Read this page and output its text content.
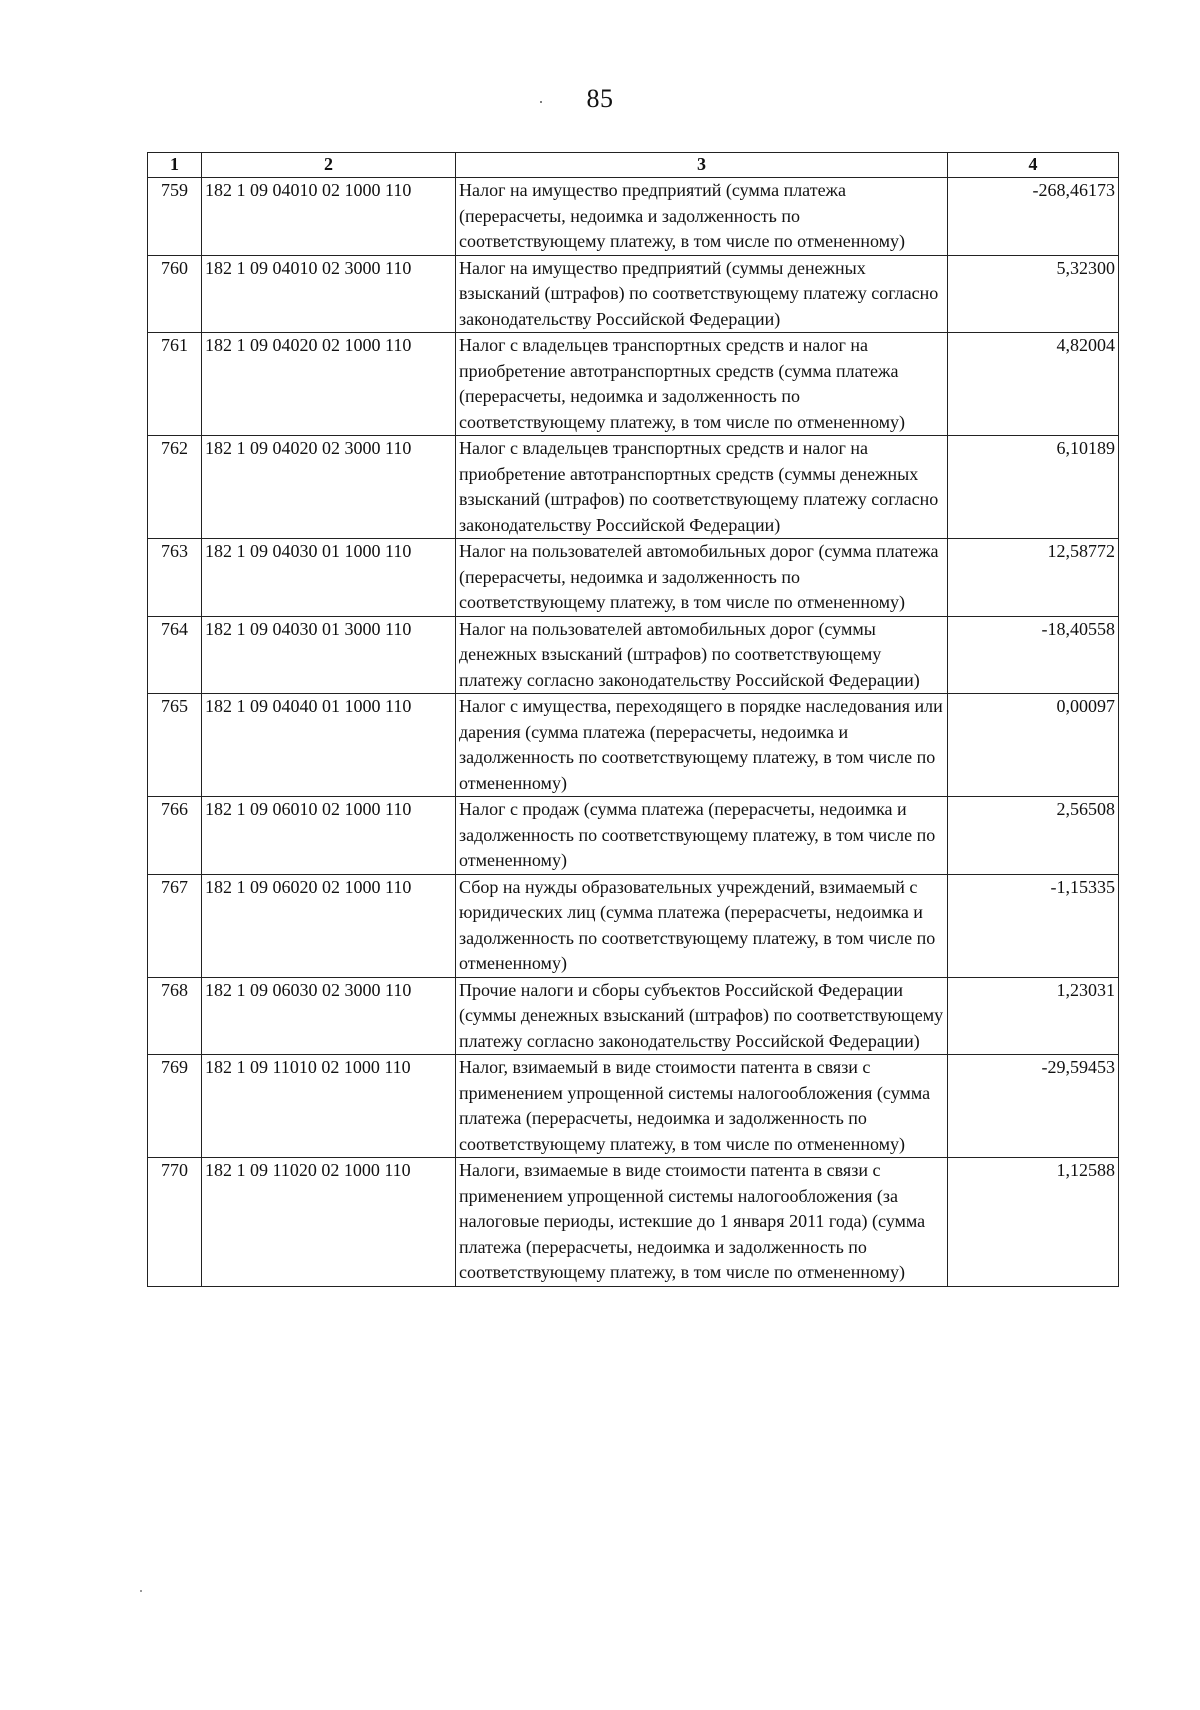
85
1	2	3	4
759	182 1 09 04010 02 1000 110	Налог на имущество предприятий (сумма платежа (перерасчеты, недоимка и задолженность по соответствующему платежу, в том числе по отмененному)	-268,46173
760	182 1 09 04010 02 3000 110	Налог на имущество предприятий (суммы денежных взысканий (штрафов) по соответствующему платежу согласно законодательству Российской Федерации)	5,32300
761	182 1 09 04020 02 1000 110	Налог с владельцев транспортных средств и налог на приобретение автотранспортных средств (сумма платежа (перерасчеты, недоимка и задолженность по соответствующему платежу, в том числе по отмененному)	4,82004
762	182 1 09 04020 02 3000 110	Налог с владельцев транспортных средств и налог на приобретение автотранспортных средств (суммы денежных взысканий (штрафов) по соответствующему платежу согласно законодательству Российской Федерации)	6,10189
763	182 1 09 04030 01 1000 110	Налог на пользователей автомобильных дорог (сумма платежа (перерасчеты, недоимка и задолженность по соответствующему платежу, в том числе по отмененному)	12,58772
764	182 1 09 04030 01 3000 110	Налог на пользователей автомобильных дорог (суммы денежных взысканий (штрафов) по соответствующему платежу согласно законодательству Российской Федерации)	-18,40558
765	182 1 09 04040 01 1000 110	Налог с имущества, переходящего в порядке наследования или дарения (сумма платежа (перерасчеты, недоимка и задолженность по соответствующему платежу, в том числе по отмененному)	0,00097
766	182 1 09 06010 02 1000 110	Налог с продаж (сумма платежа (перерасчеты, недоимка и задолженность по соответствующему платежу, в том числе по отмененному)	2,56508
767	182 1 09 06020 02 1000 110	Сбор на нужды образовательных учреждений, взимаемый с юридических лиц (сумма платежа (перерасчеты, недоимка и задолженность по соответствующему платежу, в том числе по отмененному)	-1,15335
768	182 1 09 06030 02 3000 110	Прочие налоги и сборы субъектов Российской Федерации (суммы денежных взысканий (штрафов) по соответствующему платежу согласно законодательству Российской Федерации)	1,23031
769	182 1 09 11010 02 1000 110	Налог, взимаемый в виде стоимости патента в связи с применением упрощенной системы налогообложения (сумма платежа (перерасчеты, недоимка и задолженность по соответствующему платежу, в том числе по отмененному)	-29,59453
770	182 1 09 11020 02 1000 110	Налоги, взимаемые в виде стоимости патента в связи с применением упрощенной системы налогообложения (за налоговые периоды, истекшие до 1 января 2011 года) (сумма платежа (перерасчеты, недоимка и задолженность по соответствующему платежу, в том числе по отмененному)	1,12588
